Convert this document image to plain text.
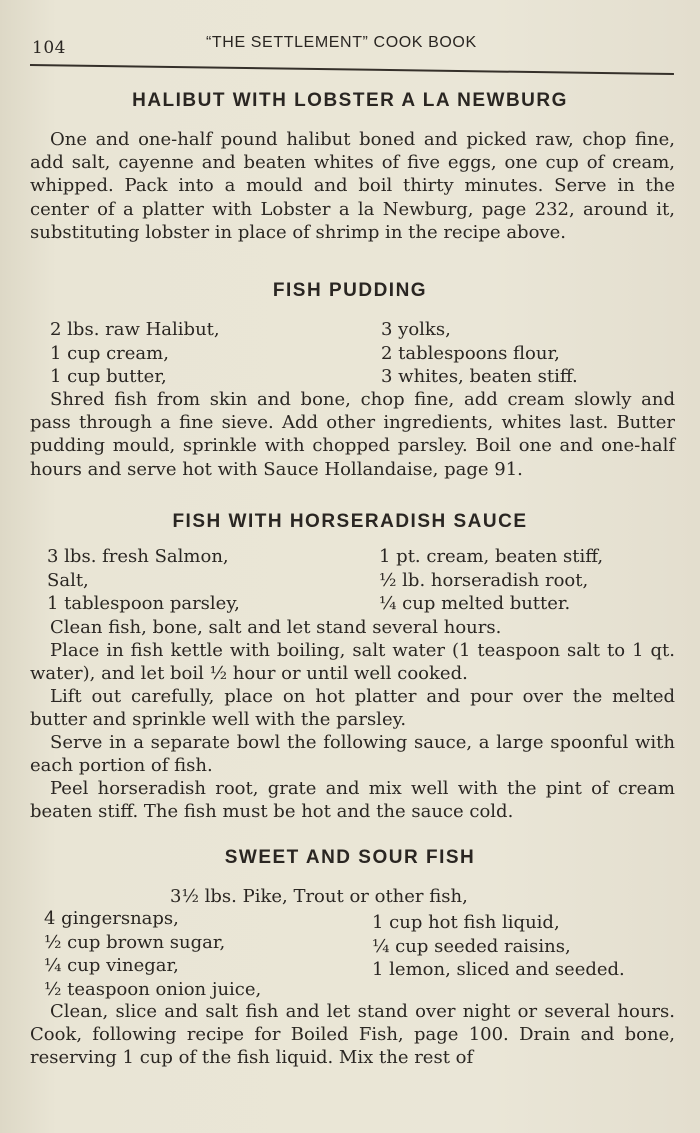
104	“THE SETTLEMENT” COOK BOOK
HALIBUT WITH LOBSTER A LA NEWBURG
One and one-half pound halibut boned and picked raw, chop fine, add salt, cayenne and beaten whites of five eggs, one cup of cream, whipped. Pack into a mould and boil thirty minutes. Serve in the center of a platter with Lobster a la Newburg, page 232, around it, substituting lobster in place of shrimp in the recipe above.
FISH PUDDING
2 lbs. raw Halibut,
1 cup cream,
1 cup butter,
3 yolks,
2 tablespoons flour,
3 whites, beaten stiff.
Shred fish from skin and bone, chop fine, add cream slowly and pass through a fine sieve. Add other ingredients, whites last. Butter pudding mould, sprinkle with chopped parsley. Boil one and one-half hours and serve hot with Sauce Hollandaise, page 91.
FISH WITH HORSERADISH SAUCE
3 lbs. fresh Salmon,
Salt,
1 tablespoon parsley,
1 pt. cream, beaten stiff,
½ lb. horseradish root,
¼ cup melted butter.
Clean fish, bone, salt and let stand several hours.
Place in fish kettle with boiling, salt water (1 teaspoon salt to 1 qt. water), and let boil ½ hour or until well cooked.
Lift out carefully, place on hot platter and pour over the melted butter and sprinkle well with the parsley.
Serve in a separate bowl the following sauce, a large spoonful with each portion of fish.
Peel horseradish root, grate and mix well with the pint of cream beaten stiff. The fish must be hot and the sauce cold.
SWEET AND SOUR FISH
3½ lbs. Pike, Trout or other fish,
4 gingersnaps,
½ cup brown sugar,
¼ cup vinegar,
½ teaspoon onion juice,
1 cup hot fish liquid,
¼ cup seeded raisins,
1 lemon, sliced and seeded.
Clean, slice and salt fish and let stand over night or several hours. Cook, following recipe for Boiled Fish, page 100. Drain and bone, reserving 1 cup of the fish liquid. Mix the rest of
